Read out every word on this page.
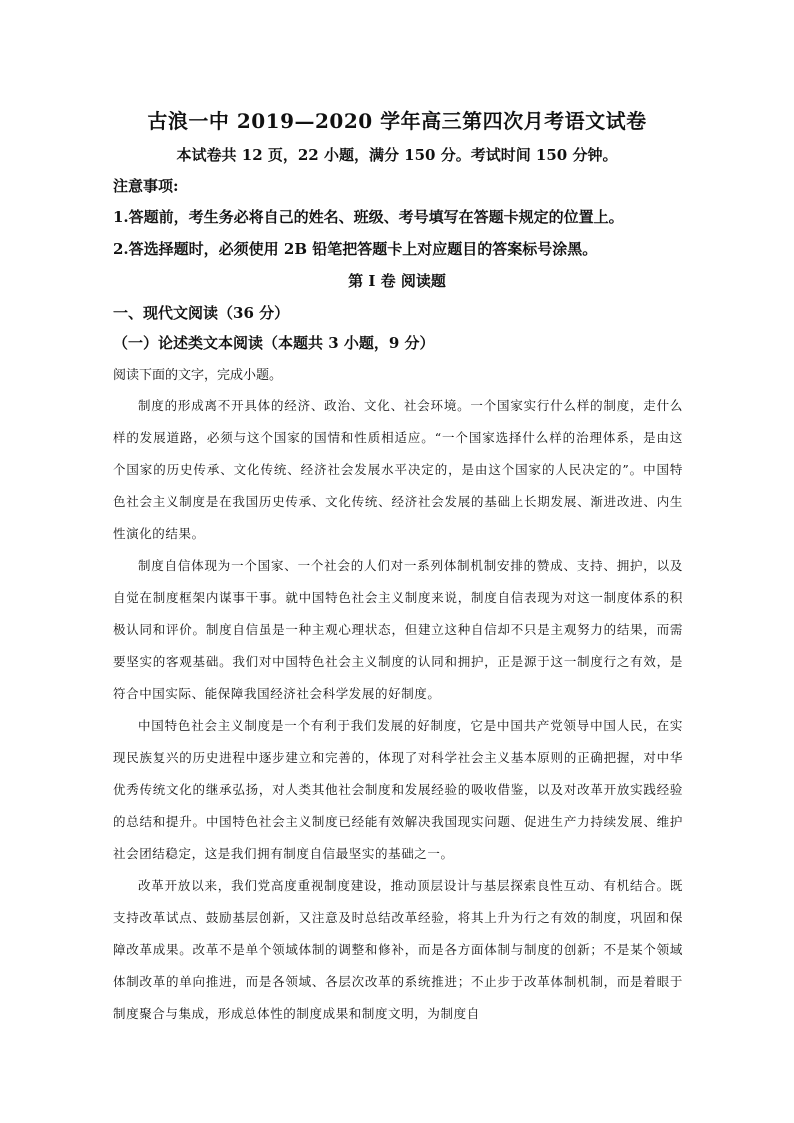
古浪一中 2019—2020 学年高三第四次月考语文试卷
本试卷共 12 页，22 小题，满分 150 分。考试时间 150 分钟。
注意事项:
1.答题前，考生务必将自己的姓名、班级、考号填写在答题卡规定的位置上。
2.答选择题时，必须使用 2B 铅笔把答题卡上对应题目的答案标号涂黑。
第 I 卷 阅读题
一、现代文阅读（36 分）
（一）论述类文本阅读（本题共 3 小题，9 分）
阅读下面的文字，完成小题。

制度的形成离不开具体的经济、政治、文化、社会环境。一个国家实行什么样的制度，走什么样的发展道路，必须与这个国家的国情和性质相适应。“一个国家选择什么样的治理体系，是由这个国家的历史传承、文化传统、经济社会发展水平决定的，是由这个国家的人民决定的”。中国特色社会主义制度是在我国历史传承、文化传统、经济社会发展的基础上长期发展、渐进改进、内生性演化的结果。

制度自信体现为一个国家、一个社会的人们对一系列体制机制安排的赞成、支持、拥护，以及自觉在制度框架内谋事干事。就中国特色社会主义制度来说，制度自信表现为对这一制度体系的积极认同和评价。制度自信虽是一种主观心理状态，但建立这种自信却不只是主观努力的结果，而需要坚实的客观基础。我们对中国特色社会主义制度的认同和拥护，正是源于这一制度行之有效，是符合中国实际、能保障我国经济社会科学发展的好制度。

中国特色社会主义制度是一个有利于我们发展的好制度，它是中国共产党领导中国人民，在实现民族复兴的历史进程中逐步建立和完善的，体现了对科学社会主义基本原则的正确把握，对中华优秀传统文化的继承弘扬，对人类其他社会制度和发展经验的吸收借鉴，以及对改革开放实践经验的总结和提升。中国特色社会主义制度已经能有效解决我国现实问题、促进生产力持续发展、维护社会团结稳定，这是我们拥有制度自信最坚实的基础之一。

改革开放以来，我们党高度重视制度建设，推动顶层设计与基层探索良性互动、有机结合。既支持改革试点、鼓励基层创新，又注意及时总结改革经验，将其上升为行之有效的制度，巩固和保障改革成果。改革不是单个领域体制的调整和修补，而是各方面体制与制度的创新；不是某个领域体制改革的单向推进，而是各领域、各层次改革的系统推进；不止步于改革体制机制，而是着眼于制度聚合与集成，形成总体性的制度成果和制度文明，为制度自
